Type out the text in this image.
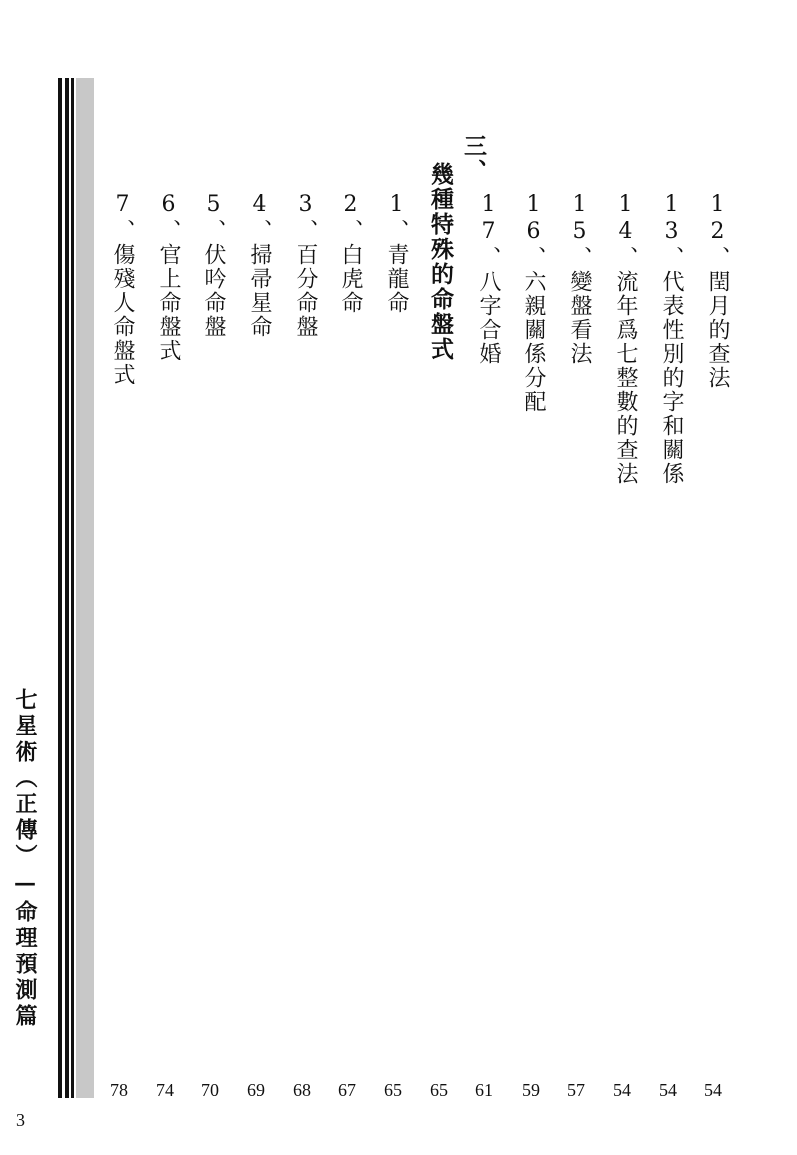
12、閏月的查法
13、代表性別的字和關係
14、流年爲七整數的查法
15、變盤看法
16、六親關係分配
17、八字合婚
三、
幾種特殊的命盤式
1、青龍命
2、白虎命
3、百分命盤
4、掃帚星命
5、伏吟命盤
6、官上命盤式
7、傷殘人命盤式
54
54
54
57
59
61
65
65
67
68
69
70
74
78
七星術（正傳）—命理預測篇
3
